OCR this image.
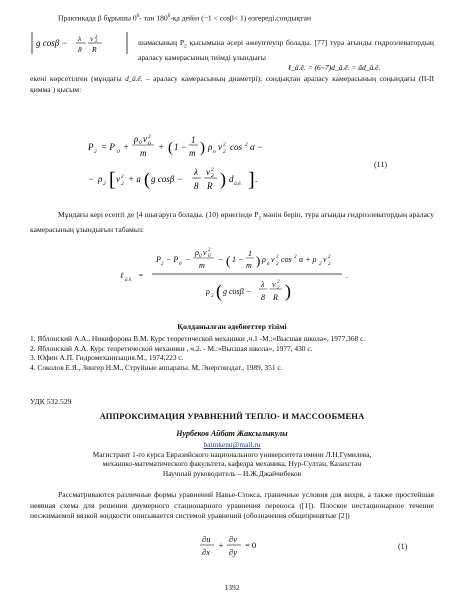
Практикада β бұрышы $0^0-$ тан $180^0-қа$ дейін (−1 < cosβ< 1) өзгереді,сондықтан
g cosβ − λ
8
v 2
2
R
шамасының $P_2$ қысымына әсері әжеуптеулр болады. [77] тура ағынды гидроэлеватордың араласу камерасының тиімді ұзындығы
ℓ_ä.ê. = (6÷7)d_ä.ê. = ād_ä.ê.
екені көрсетілген (мұндағы d_ä.ê. – араласу камерасының диаметрі); сондықтан араласу камерасының соңындағы (ІІ-ІІ қимма ) қысым:
P 2 = P 0 +
ρ 0 v 2
0
m
+ ( 1 −
1
m ) ρ n v 2
2 cos 2 α −
− ρ 2 [ v 2
2 + a ( g cosβ −
λ
8
v 2
2
R ) d ä.ê. ] .
(11)
Мұндағы кері есепті де [4 шығаруға болады. (10) өрнегінде $P_2$ мәнін беріп, тура ағынды гидроэлеватордың араласу камерасының ұзындығын табамыз:
ℓ
ä.ê.
=
P
2
− P
0
−
ρ 0 v 2
0
m
− ( 1 −
1
m ) ρ
n
v 2
2
cos 2 α + ρ
2
v 2
2
ρ
2 ( g cosβ −
λ
8
v 2
2
R )
.
Қолданылған әдебиеттер тізімі
1. Яблонский А.А., Никифорова В.М. Курс теоретической механики ,ч.1 -М.:«Высшая школа», 1977,368 с.
2. Яблонский А.А. Курс теоретической механики , ч.2. - М.:«Высшая школа», 1977, 430 с.
3. Юфин А.П. Гидромеханизация.М., 1974,223 с.
4. Соколов Е.Я., Зингер Н.М., Струйные аппараты. М, Энергоиздат., 1989, 351 с.
УДК 532.529
АППРОКСИМАЦИЯ УРАВНЕНИЙ ТЕПЛО- И МАССООБМЕНА
Нурбеков Айбат Жаксылыкулы
batinkenu@mail.ru
Магистрант 1-го курса Евразийского национального университета имени Л.Н.Гумилева,
механико-математического факультета, кафедра механика, Нур-Султан, Казахстан
Научный руководитель – Н.Ж.Джайчибеков
Рассматриваются различные формы уравнений Навье-Стокса, граничные условия для вихря, а также простейшая неявная схема для решения двумерного стационарного уравнения переноса ([1]). Плоское нестационарное течение несжимаемой вязкой жидкости описывается системой уравнений (обозначения общепринятые [2])
∂u
∂x
+
∂v
∂y
= 0	(1)
1392
